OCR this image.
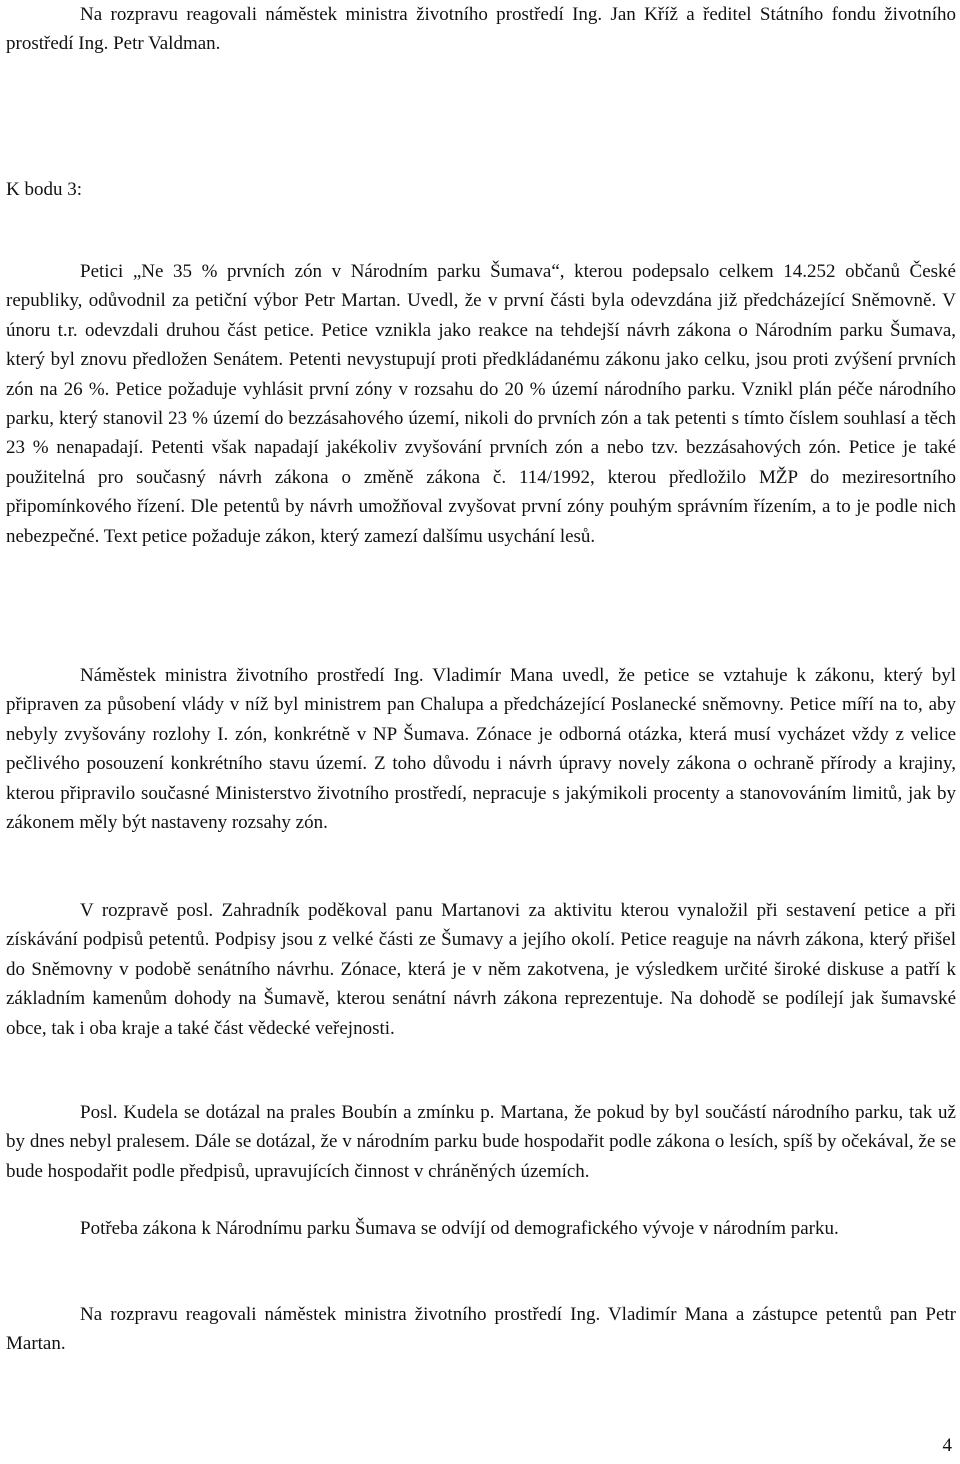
Na rozpravu reagovali náměstek ministra životního prostředí Ing. Jan Kříž a ředitel Státního fondu životního prostředí Ing. Petr Valdman.

K bodu 3:

Petici „Ne 35 % prvních zón v Národním parku Šumava“, kterou podepsalo celkem 14.252 občanů České republiky, odůvodnil za petiční výbor Petr Martan. Uvedl, že v první části byla odevzdána již předcházející Sněmovně. V únoru t.r. odevzdali druhou část petice. Petice vznikla jako reakce na tehdejší návrh zákona o Národním parku Šumava, který byl znovu předložen Senátem. Petenti nevystupují proti předkládanému zákonu jako celku, jsou proti zvýšení prvních zón na 26 %. Petice požaduje vyhlásit první zóny v rozsahu do 20 % území národního parku. Vznikl plán péče národního parku, který stanovil 23 % území do bezzásahového území, nikoli do prvních zón a tak petenti s tímto číslem souhlasí a těch 23 % nenapadají. Petenti však napadají jakékoliv zvyšování prvních zón a nebo tzv. bezzásahových zón. Petice je také použitelná pro současný návrh zákona o změně zákona č. 114/1992, kterou předložilo MŽP do meziresortního připomínkového řízení. Dle petentů by návrh umožňoval zvyšovat první zóny pouhým správním řízením, a to je podle nich nebezpečné. Text petice požaduje zákon, který zamezí dalšímu usychání lesů.

Náměstek ministra životního prostředí Ing. Vladimír Mana uvedl, že petice se vztahuje k zákonu, který byl připraven za působení vlády v níž byl ministrem pan Chalupa a předcházející Poslanecké sněmovny. Petice míří na to, aby nebyly zvyšovány rozlohy I. zón, konkrétně v NP Šumava. Zónace je odborná otázka, která musí vycházet vždy z velice pečlivého posouzení konkrétního stavu území. Z toho důvodu i návrh úpravy novely zákona o ochraně přírody a krajiny, kterou připravilo současné Ministerstvo životního prostředí, nepracuje s jakýmikoli procenty a stanovováním limitů, jak by zákonem měly být nastaveny rozsahy zón.

V rozpravě posl. Zahradník poděkoval panu Martanovi za aktivitu kterou vynaložil při sestavení petice a při získávání podpisů petentů. Podpisy jsou z velké části ze Šumavy a jejího okolí. Petice reaguje na návrh zákona, který přišel do Sněmovny v podobě senátního návrhu. Zónace, která je v něm zakotvena, je výsledkem určité široké diskuse a patří k základním kamenům dohody na Šumavě, kterou senátní návrh zákona reprezentuje. Na dohodě se podílejí jak šumavské obce, tak i oba kraje a také část vědecké veřejnosti.

Posl. Kudela se dotázal na prales Boubín a zmínku p. Martana, že pokud by byl součástí národního parku, tak už by dnes nebyl pralesem. Dále se dotázal, že v národním parku bude hospodařit podle zákona o lesích, spíš by očekával, že se bude hospodařit podle předpisů, upravujících činnost v chráněných územích.

Potřeba zákona k Národnímu parku Šumava se odvíjí od demografického vývoje v národním parku.

Na rozpravu reagovali náměstek ministra životního prostředí Ing. Vladimír Mana a zástupce petentů pan Petr Martan.

4
